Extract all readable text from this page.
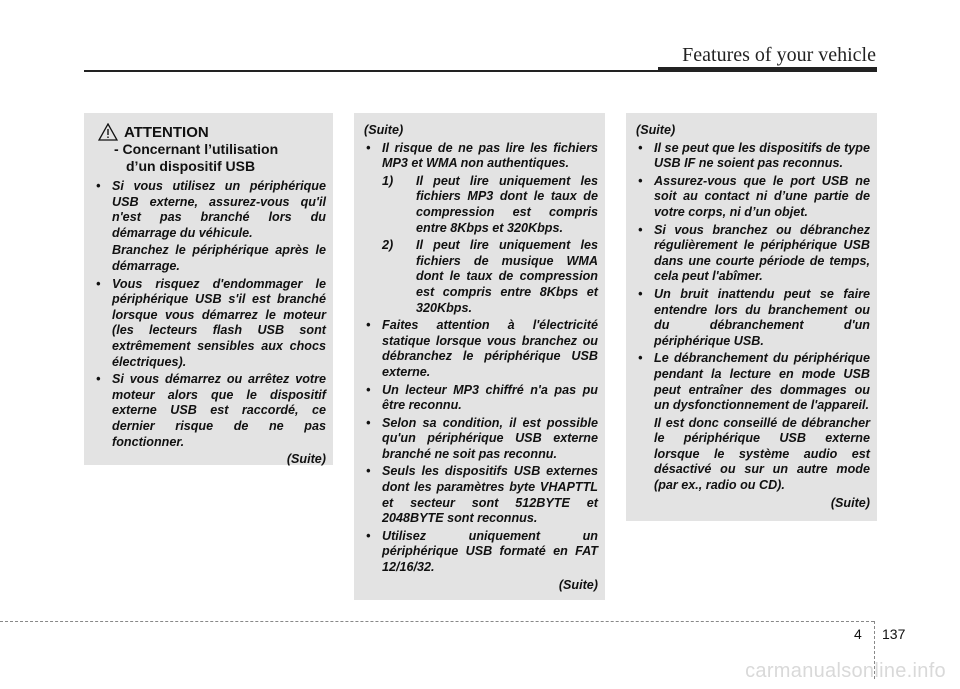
Features of your vehicle
ATTENTION
- Concernant l’utilisation
d’un dispositif USB
• Si vous utilisez un périphérique USB externe, assurez-vous qu'il n'est pas branché lors du démarrage du véhicule.
Branchez le périphérique après le démarrage.
• Vous risquez d'endommager le périphérique USB s'il est branché lorsque vous démarrez le moteur (les lecteurs flash USB sont extrêmement sensibles aux chocs électriques).
• Si vous démarrez ou arrêtez votre moteur alors que le dispositif externe USB est raccordé, ce dernier risque de ne pas fonctionner.
(Suite)
(Suite)
• Il risque de ne pas lire les fichiers MP3 et WMA non authentiques.
1) Il peut lire uniquement les fichiers MP3 dont le taux de compression est compris entre 8Kbps et 320Kbps.
2) Il peut lire uniquement les fichiers de musique WMA dont le taux de compression est compris entre 8Kbps et 320Kbps.
• Faites attention à l'électricité statique lorsque vous branchez ou débranchez le périphérique USB externe.
• Un lecteur MP3 chiffré n'a pas pu être reconnu.
• Selon sa condition, il est possible qu'un périphérique USB externe branché ne soit pas reconnu.
• Seuls les dispositifs USB externes dont les paramètres byte VHAPTTL et secteur sont 512BYTE et 2048BYTE sont reconnus.
• Utilisez uniquement un périphérique USB formaté en FAT 12/16/32.
(Suite)
(Suite)
• Il se peut que les dispositifs de type USB IF ne soient pas reconnus.
• Assurez-vous que le port USB ne soit au contact ni d’une partie de votre corps, ni d’un objet.
• Si vous branchez ou débranchez régulièrement le périphérique USB dans une courte période de temps, cela peut l'abîmer.
• Un bruit inattendu peut se faire entendre lors du branchement ou du débranchement d'un périphérique USB.
• Le débranchement du périphérique pendant la lecture en mode USB peut entraîner des dommages ou un dysfonctionnement de l'appareil.
Il est donc conseillé de débrancher le périphérique USB externe lorsque le système audio est désactivé ou sur un autre mode (par ex., radio ou CD).
(Suite)
4 137
carmanualsonline.info
